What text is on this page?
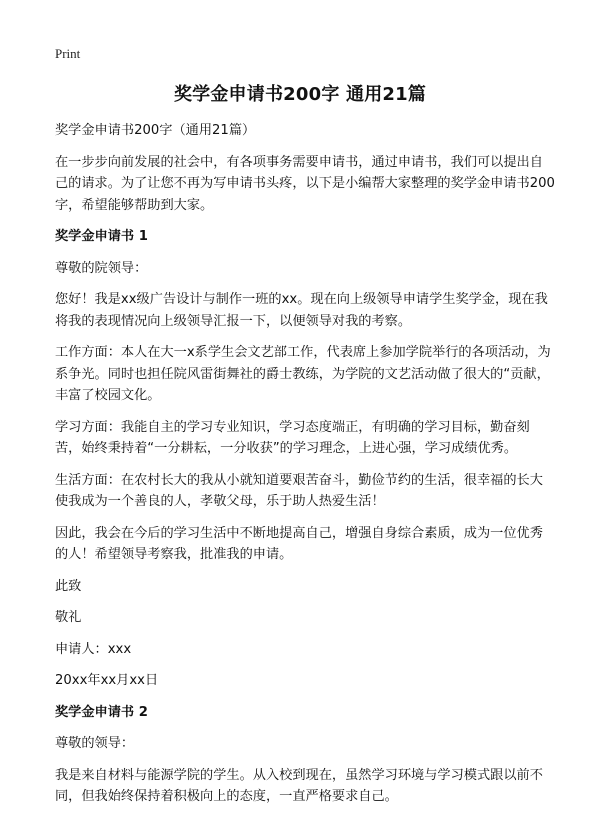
Print
奖学金申请书200字 通用21篇
奖学金申请书200字（通用21篇）
在一步步向前发展的社会中，有各项事务需要申请书，通过申请书，我们可以提出自己的请求。为了让您不再为写申请书头疼，以下是小编帮大家整理的奖学金申请书200字，希望能够帮助到大家。
奖学金申请书 1
尊敬的院领导：
您好！我是xx级广告设计与制作一班的xx。现在向上级领导申请学生奖学金，现在我将我的表现情况向上级领导汇报一下，以便领导对我的考察。
工作方面：本人在大一x系学生会文艺部工作，代表席上参加学院举行的各项活动，为系争光。同时也担任院风雷街舞社的爵士教练，为学院的文艺活动做了很大的“贡献，丰富了校园文化。
学习方面：我能自主的学习专业知识，学习态度端正，有明确的学习目标，勤奋刻苦，始终秉持着“一分耕耘，一分收获”的学习理念，上进心强，学习成绩优秀。
生活方面：在农村长大的我从小就知道要艰苦奋斗，勤俭节约的生活，很幸福的长大使我成为一个善良的人，孝敬父母，乐于助人热爱生活！
因此，我会在今后的学习生活中不断地提高自己，增强自身综合素质，成为一位优秀的人！希望领导考察我，批准我的申请。
此致
敬礼
申请人：xxx
20xx年xx月xx日
奖学金申请书 2
尊敬的领导：
我是来自材料与能源学院的学生。从入校到现在，虽然学习环境与学习模式跟以前不同，但我始终保持着积极向上的态度，一直严格要求自己。
